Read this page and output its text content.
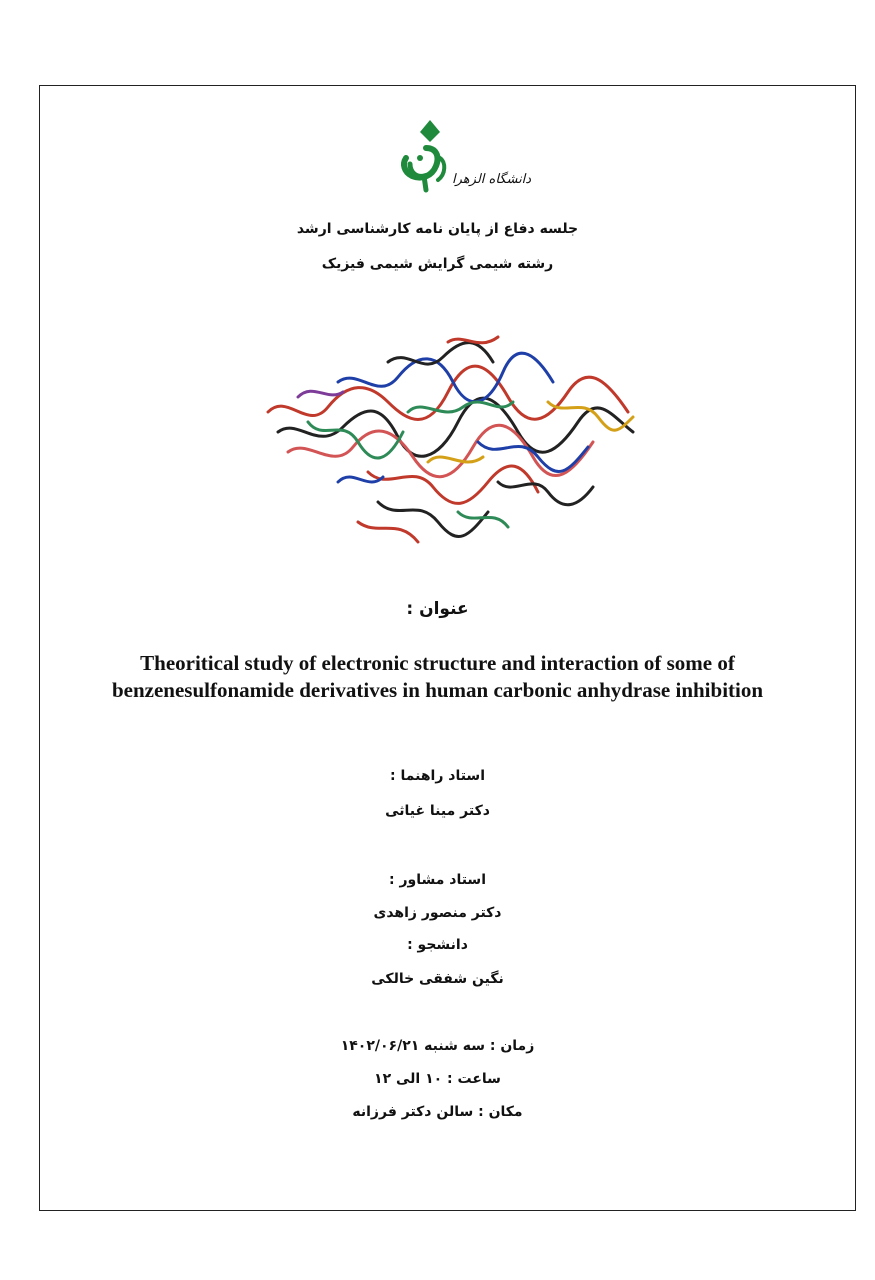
دانشگاه الزهرا
جلسه دفاع از پایان نامه کارشناسی ارشد
رشته شیمی گرایش شیمی فیزیک
عنوان :
Theoritical study of electronic structure and interaction of some of benzenesulfonamide derivatives in human carbonic anhydrase inhibition
استاد راهنما :
دکتر مینا غیاثی
استاد مشاور :
دکتر منصور زاهدی
دانشجو :
نگین شفقی خالکی
زمان : سه شنبه ۱۴۰۲/۰۶/۲۱
ساعت : ۱۰ الی ۱۲
مکان : سالن دکتر فرزانه
